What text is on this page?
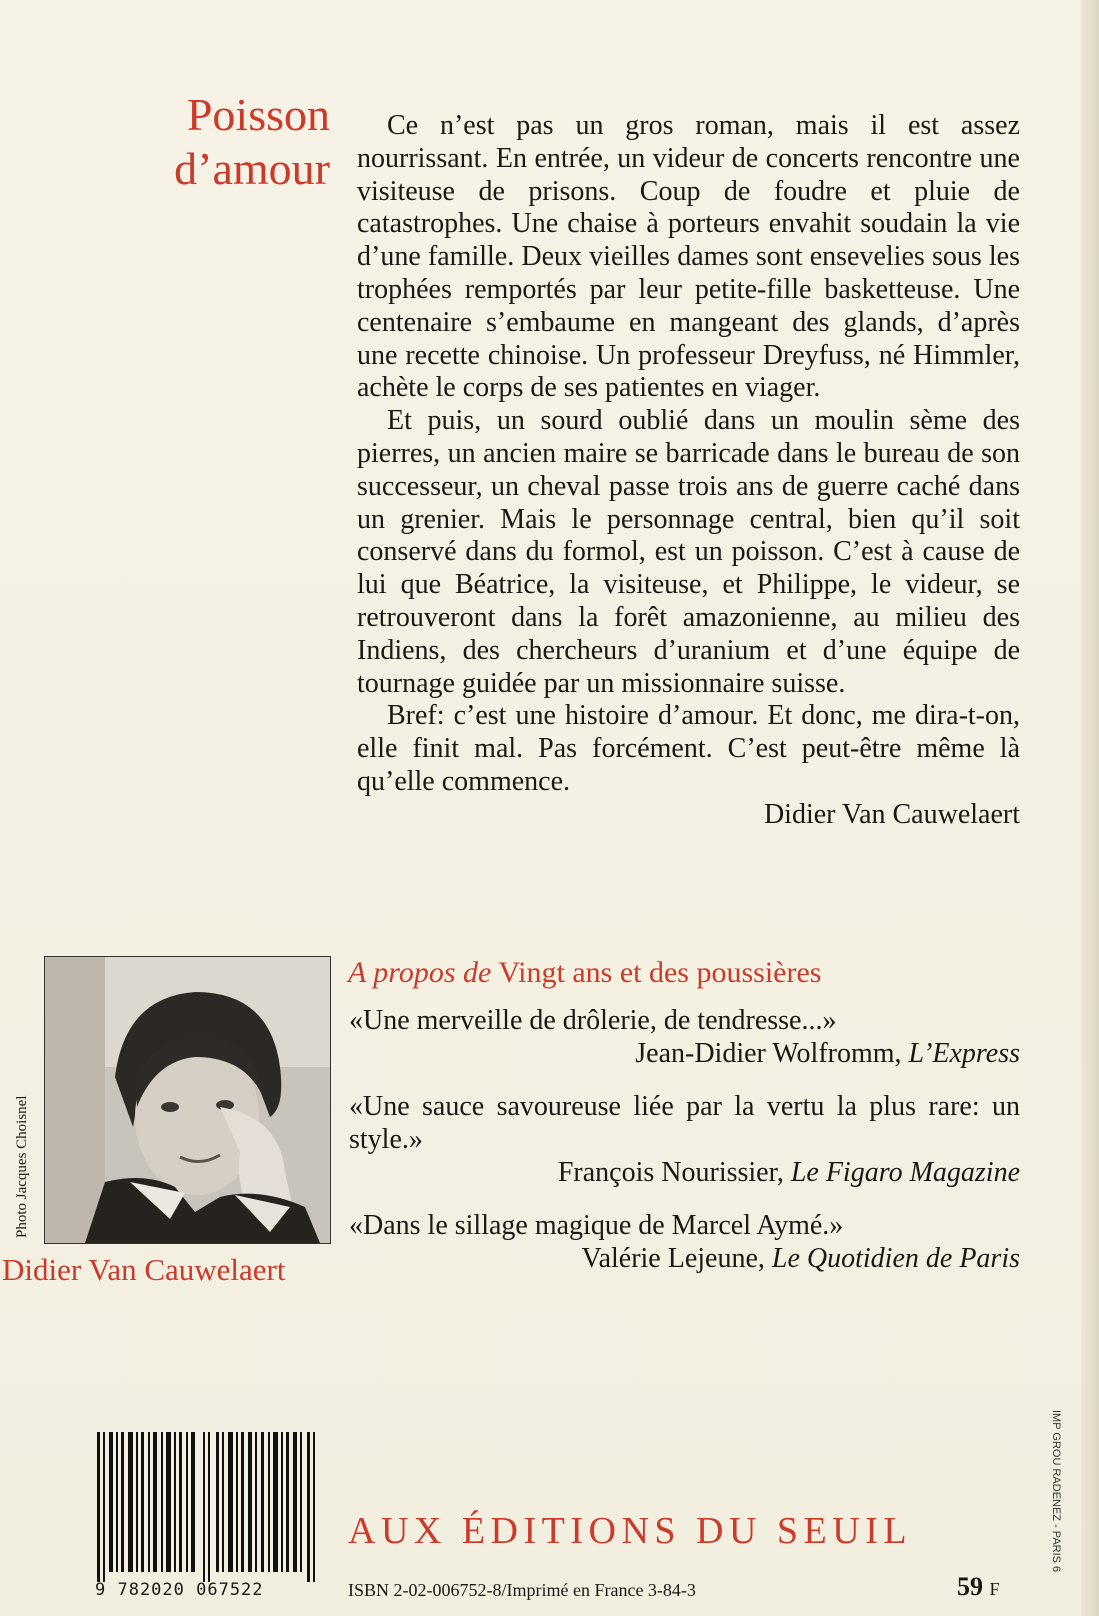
Poisson
d’amour

Ce n’est pas un gros roman, mais il est assez nourrissant. En entrée, un videur de concerts rencontre une visiteuse de prisons. Coup de foudre et pluie de catastrophes. Une chaise à porteurs envahit soudain la vie d’une famille. Deux vieilles dames sont ensevelies sous les trophées remportés par leur petite-fille basketteuse. Une centenaire s’embaume en mangeant des glands, d’après une recette chinoise. Un professeur Dreyfuss, né Himmler, achète le corps de ses patientes en viager.

Et puis, un sourd oublié dans un moulin sème des pierres, un ancien maire se barricade dans le bureau de son successeur, un cheval passe trois ans de guerre caché dans un grenier. Mais le personnage central, bien qu’il soit conservé dans du formol, est un poisson. C’est à cause de lui que Béatrice, la visiteuse, et Philippe, le videur, se retrouveront dans la forêt amazonienne, au milieu des Indiens, des chercheurs d’uranium et d’une équipe de tournage guidée par un missionnaire suisse.

Bref: c’est une histoire d’amour. Et donc, me dira-t-on, elle finit mal. Pas forcément. C’est peut-être même là qu’elle commence.

Didier Van Cauwelaert
A propos de Vingt ans et des poussières
«Une merveille de drôlerie, de tendresse...»
Jean-Didier Wolfromm, L’Express
«Une sauce savoureuse liée par la vertu la plus rare: un style.»
François Nourissier, Le Figaro Magazine
«Dans le sillage magique de Marcel Aymé.»
Valérie Lejeune, Le Quotidien de Paris
Photo Jacques Choisnel
Didier Van Cauwelaert
9 782020 067522
AUX ÉDITIONS DU SEUIL
ISBN 2-02-006752-8/Imprimé en France 3-84-3	59 F
IMP GROU RADENEZ - PARIS 6
